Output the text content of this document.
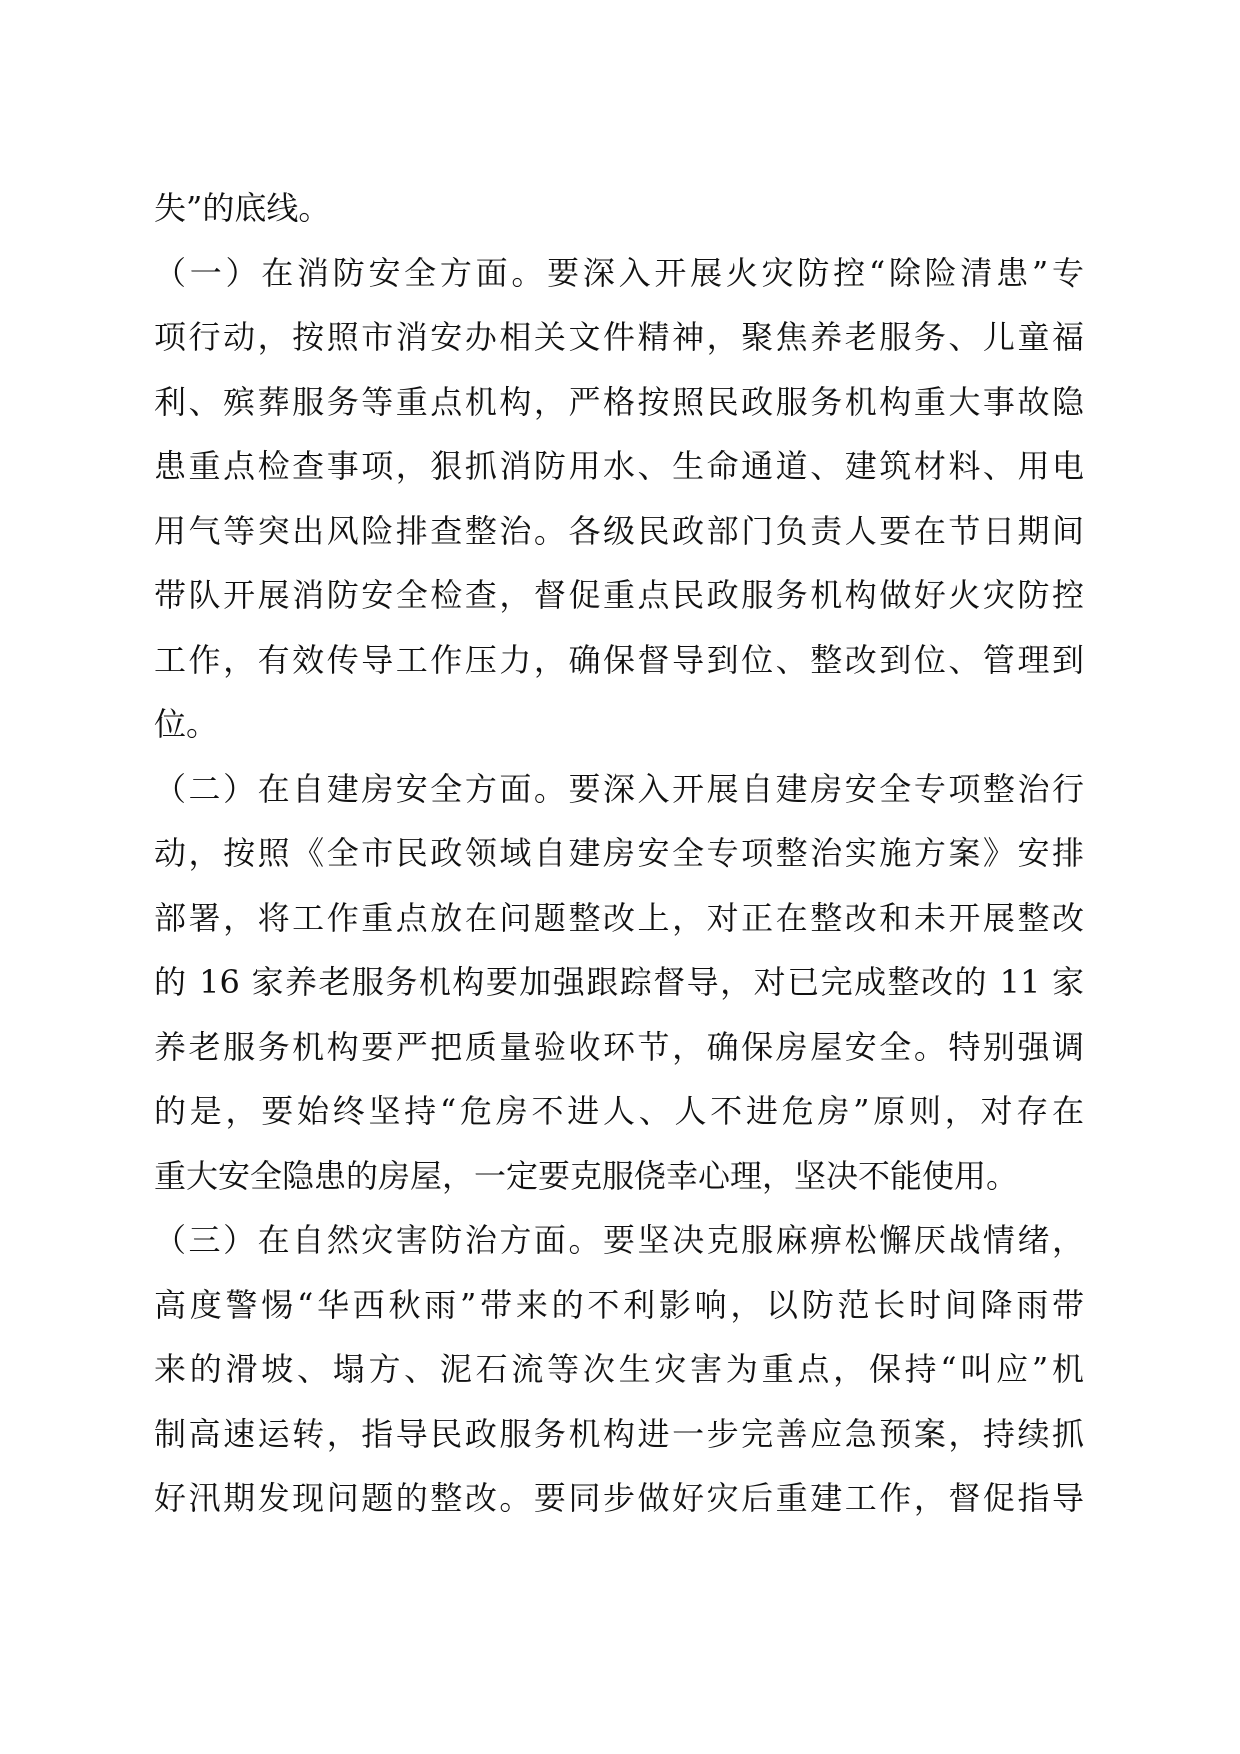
失”的底线。
（一）在消防安全方面。要深入开展火灾防控“除险清患”专
项行动，按照市消安办相关文件精神，聚焦养老服务、儿童福
利、殡葬服务等重点机构，严格按照民政服务机构重大事故隐
患重点检查事项，狠抓消防用水、生命通道、建筑材料、用电
用气等突出风险排查整治。各级民政部门负责人要在节日期间
带队开展消防安全检查，督促重点民政服务机构做好火灾防控
工作，有效传导工作压力，确保督导到位、整改到位、管理到
位。
（二）在自建房安全方面。要深入开展自建房安全专项整治行
动，按照《全市民政领域自建房安全专项整治实施方案》安排
部署，将工作重点放在问题整改上，对正在整改和未开展整改
的 16 家养老服务机构要加强跟踪督导，对已完成整改的 11 家
养老服务机构要严把质量验收环节，确保房屋安全。特别强调
的是，要始终坚持“危房不进人、人不进危房”原则，对存在
重大安全隐患的房屋，一定要克服侥幸心理，坚决不能使用。
（三）在自然灾害防治方面。要坚决克服麻痹松懈厌战情绪，
高度警惕“华西秋雨”带来的不利影响，以防范长时间降雨带
来的滑坡、塌方、泥石流等次生灾害为重点，保持“叫应”机
制高速运转，指导民政服务机构进一步完善应急预案，持续抓
好汛期发现问题的整改。要同步做好灾后重建工作，督促指导
